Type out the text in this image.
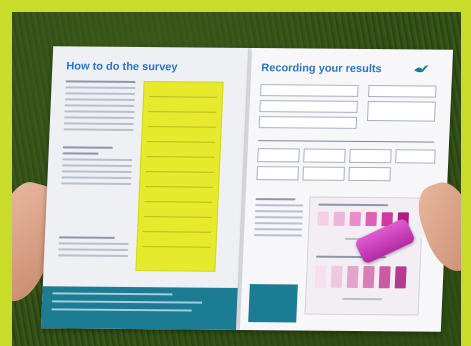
How to do the survey	Recording your results
